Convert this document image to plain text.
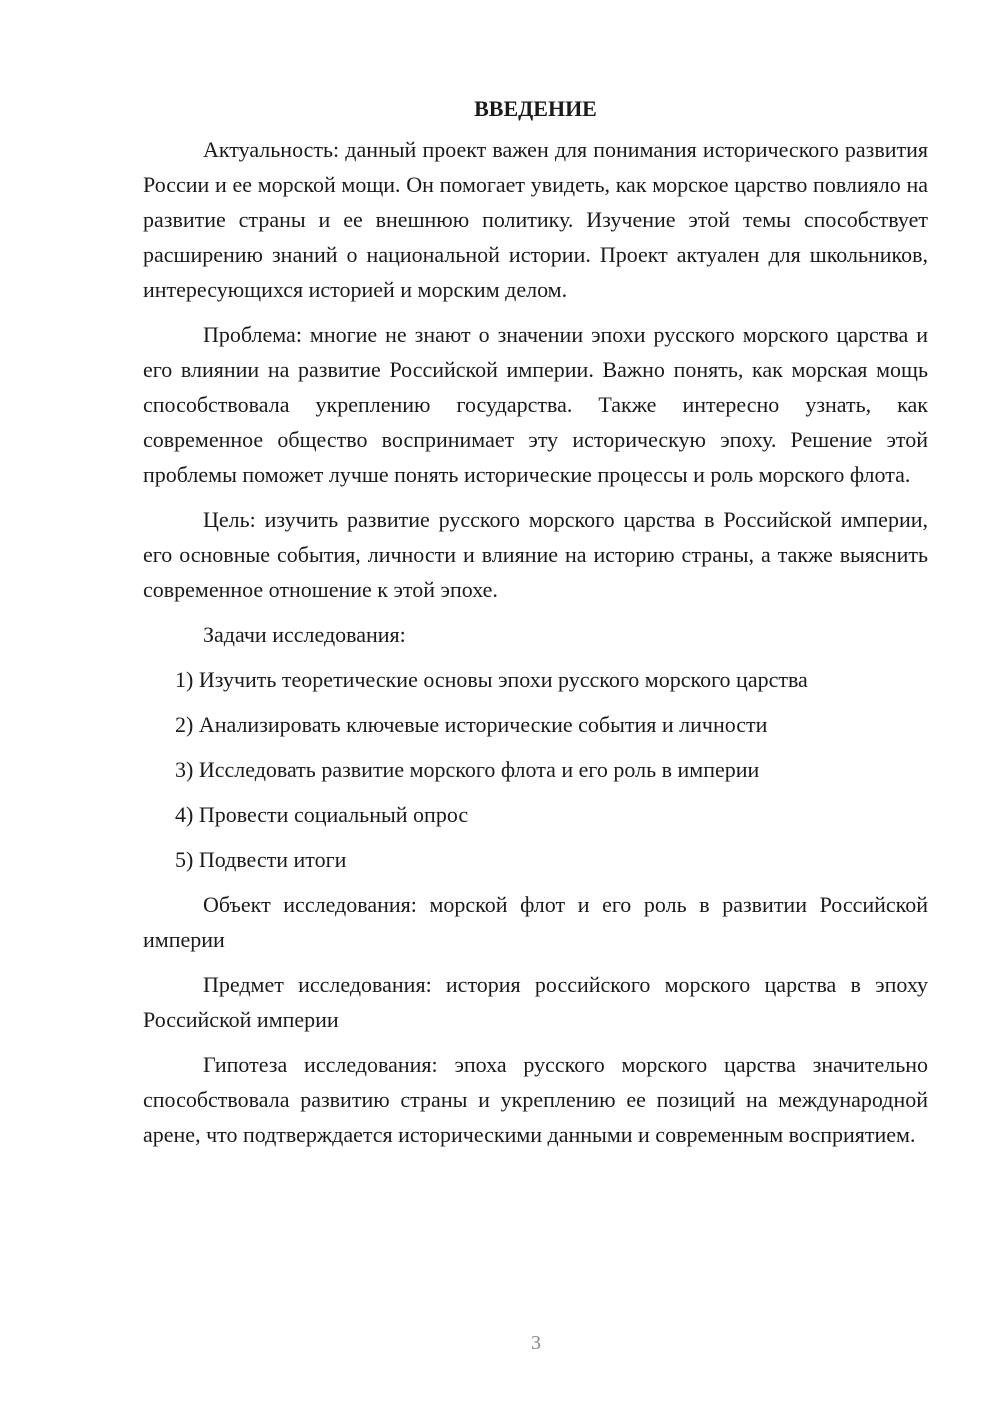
ВВЕДЕНИЕ

Актуальность: данный проект важен для понимания исторического развития России и ее морской мощи. Он помогает увидеть, как морское царство повлияло на развитие страны и ее внешнюю политику. Изучение этой темы способствует расширению знаний о национальной истории. Проект актуален для школьников, интересующихся историей и морским делом.

Проблема: многие не знают о значении эпохи русского морского царства и его влиянии на развитие Российской империи. Важно понять, как морская мощь способствовала укреплению государства. Также интересно узнать, как современное общество воспринимает эту историческую эпоху. Решение этой проблемы поможет лучше понять исторические процессы и роль морского флота.

Цель: изучить развитие русского морского царства в Российской империи, его основные события, личности и влияние на историю страны, а также выяснить современное отношение к этой эпохе.

Задачи исследования:

1) Изучить теоретические основы эпохи русского морского царства
2) Анализировать ключевые исторические события и личности
3) Исследовать развитие морского флота и его роль в империи
4) Провести социальный опрос
5) Подвести итоги

Объект исследования: морской флот и его роль в развитии Российской империи

Предмет исследования: история российского морского царства в эпоху Российской империи

Гипотеза исследования: эпоха русского морского царства значительно способствовала развитию страны и укреплению ее позиций на международной арене, что подтверждается историческими данными и современным восприятием.

3
